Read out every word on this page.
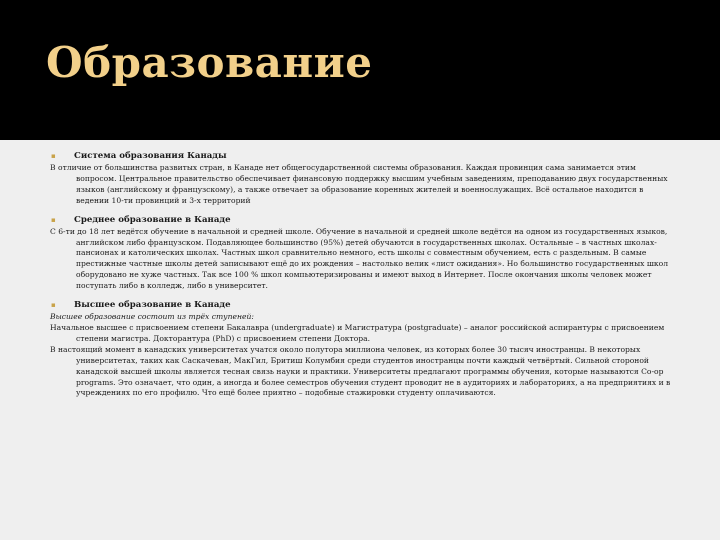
Образование
▪ Система образования Канады

В отличие от большинства развитых стран, в Канаде нет общегосударственной системы образования. Каждая провинция сама занимается этим вопросом. Центральное правительство обеспечивает финансовую поддержку высшим учебным заведениям, преподаванию двух государственных языков (английскому и французскому), а также отвечает за образование коренных жителей и военнослужащих. Всё остальное находится в ведении 10-ти провинций и 3-х территорий

▪ Среднее образование в Канаде

С 6-ти до 18 лет ведётся обучение в начальной и средней школе. Обучение в начальной и средней школе ведётся на одном из государственных языков, английском либо французском. Подавляющее большинство (95%) детей обучаются в государственных школах. Остальные – в частных школах-пансионах и католических школах. Частных школ сравнительно немного, есть школы с совместным обучением, есть с раздельным. В самые престижные частные школы детей записывают ещё до их рождения – настолько велик «лист ожидания». Но большинство государственных школ оборудовано не хуже частных. Так все 100 % школ компьютеризированы и имеют выход в Интернет. После окончания школы человек может поступать либо в колледж, либо в университет.

▪ Высшее образование в Канаде

Высшее образование состоит из трёх ступеней:

Начальное высшее с присвоением степени Бакалавра (undergraduate) и Магистратура (postgraduate) – аналог российской аспирантуры с присвоением степени магистра. Докторантура (PhD) с присвоением степени Доктора.

В настоящий момент в канадских университетах учатся около полутора миллиона человек, из которых более 30 тысяч иностранцы. В некоторых университетах, таких как Саскачеван, МакГил, Бритиш Колумбия среди студентов иностранцы почти каждый четвёртый. Сильной стороной канадской высшей школы является тесная связь науки и практики. Университеты предлагают программы обучения, которые называются Co-op programs. Это означает, что один, а иногда и более семестров обучения студент проводит не в аудиториях и лабораториях, а на предприятиях и в учреждениях по его профилю. Что ещё более приятно – подобные стажировки студенту оплачиваются.
